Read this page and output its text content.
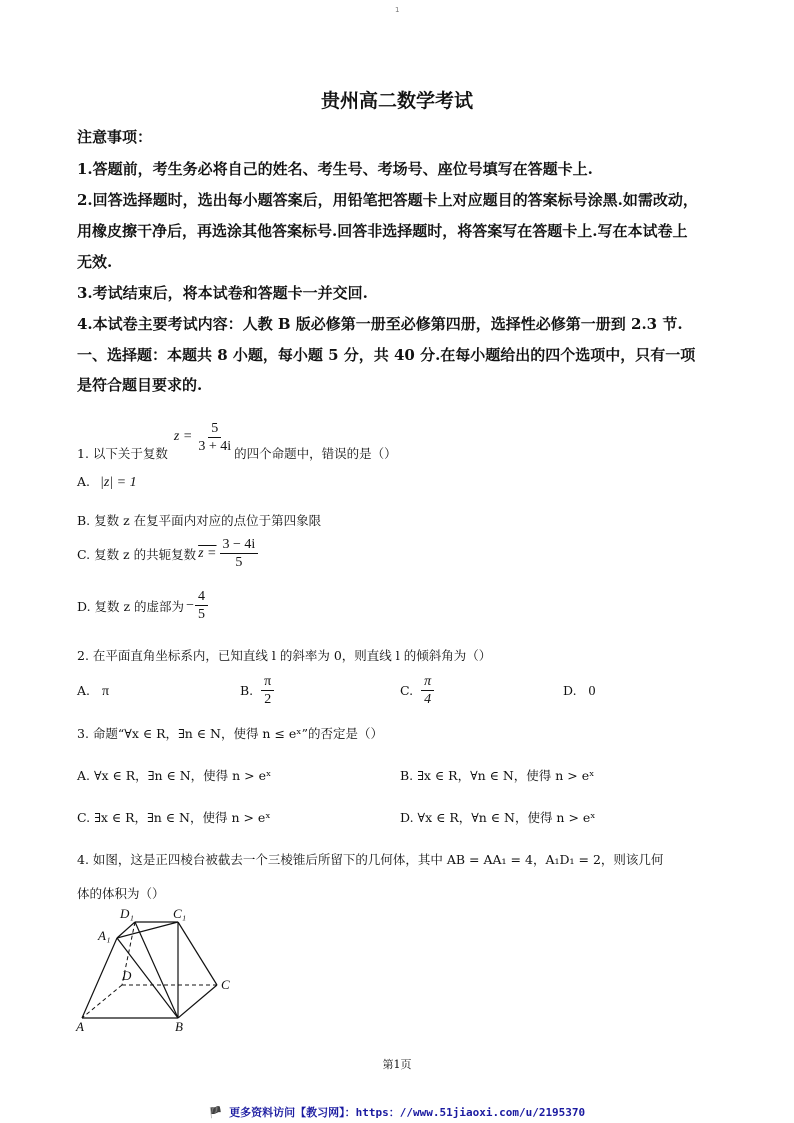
1
贵州高二数学考试
注意事项：
1.答题前，考生务必将自己的姓名、考生号、考场号、座位号填写在答题卡上.
2.回答选择题时，选出每小题答案后，用铅笔把答题卡上对应题目的答案标号涂黑.如需改动，
用橡皮擦干净后，再选涂其他答案标号.回答非选择题时，将答案写在答题卡上.写在本试卷上
无效.
3.考试结束后，将本试卷和答题卡一并交回.
4.本试卷主要考试内容：人教 B 版必修第一册至必修第四册，选择性必修第一册到 2.3 节.
一、选择题：本题共 8 小题，每小题 5 分，共 40 分.在每小题给出的四个选项中，只有一项
是符合题目要求的.
1. 以下关于复数
$z = \frac{5}{3 + 4i}$ 的四个命题中，错误的是（）
A. |z| = 1
B. 复数 z 在复平面内对应的点位于第四象限
C. 复数 z 的共轭复数 $z = \frac{3 - 4i}{5}$
D. 复数 z 的虚部为 − $\frac{4}{5}$
2. 在平面直角坐标系内，已知直线 l 的斜率为 0，则直线 l 的倾斜角为（）
A. π	B. $\frac{\pi}{2}$	C. $\frac{\pi}{4}$	D. 0
3. 命题“∀x ∈ R，∃n ∈ N，使得 n ≤ eˣ”的否定是（）
A. ∀x ∈ R，∃n ∈ N，使得 n > eˣ	B. ∃x ∈ R，∀n ∈ N，使得 n > eˣ
C. ∃x ∈ R，∃n ∈ N，使得 n > eˣ	D. ∀x ∈ R，∀n ∈ N，使得 n > eˣ
4. 如图，这是正四棱台被截去一个三棱锥后所留下的几何体，其中 AB = AA₁ = 4，A₁D₁ = 2，则该几何
体的体积为（）
D₁	C₁
A₁
D
C
A	B
第1页
🏴 更多资料访问【教习网】：https：//www.51jiaoxi.com/u/2195370
